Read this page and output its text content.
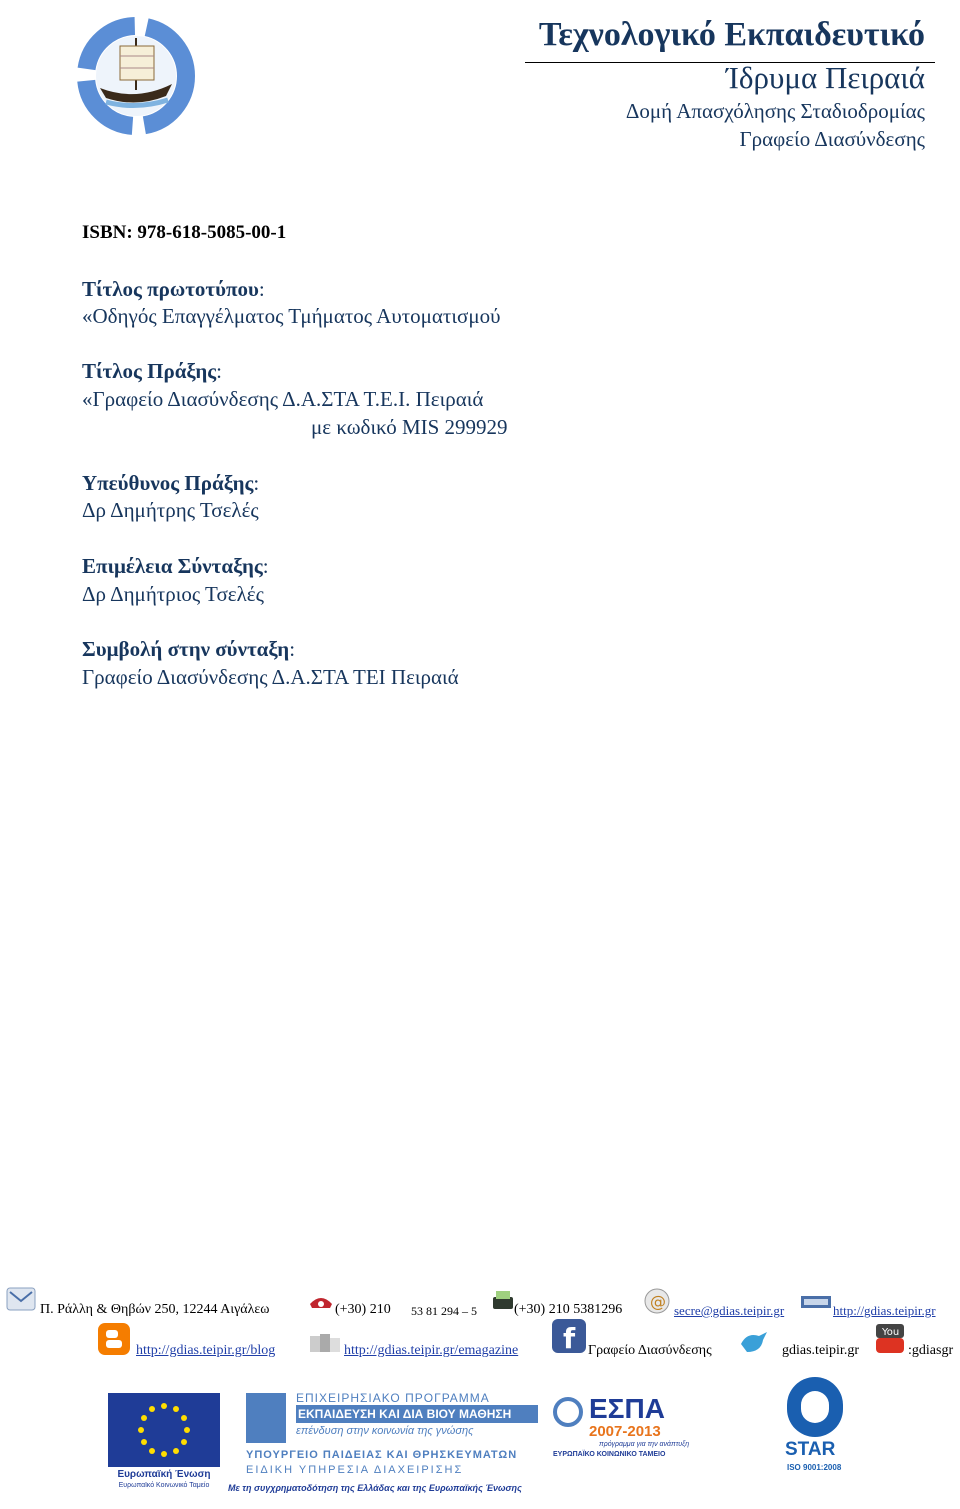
Τεχνολογικό Εκπαιδευτικό
Ίδρυμα Πειραιά
Δομή Απασχόλησης Σταδιοδρομίας
Γραφείο Διασύνδεσης
ISBN: 978-618-5085-00-1
Τίτλος πρωτοτύπου:
«Οδηγός Επαγγέλματος Τμήματος Αυτοματισμού
Τίτλος Πράξης:
«Γραφείο Διασύνδεσης Δ.Α.ΣΤΑ Τ.Ε.Ι. Πειραιά
με κωδικό MIS 299929
Υπεύθυνος Πράξης:
Δρ Δημήτρης Τσελές
Επιμέλεια Σύνταξης:
Δρ Δημήτριος Τσελές
Συμβολή στην σύνταξη:
Γραφείο Διασύνδεσης Δ.Α.ΣΤΑ ΤΕΙ Πειραιά
Π. Ράλλη & Θηβών 250, 12244 Αιγάλεω	(+30) 210 53 81 294 – 5	(+30) 210 5381296 @ secre@gdias.teipir.gr	http://gdias.teipir.gr
http://gdias.teipir.gr/blog	http://gdias.teipir.gr/emagazine f Γραφείο Διασύνδεσης	gdias.teipir.gr
You
:gdiasgr
Ευρωπαϊκή Ένωση
Ευρωπαϊκό Κοινωνικό Ταμείο
ΕΠΙΧΕΙΡΗΣΙΑΚΟ ΠΡΟΓΡΑΜΜΑ
ΕΚΠΑΙΔΕΥΣΗ ΚΑΙ ΔΙΑ ΒΙΟΥ ΜΑΘΗΣΗ
επένδυση στην κοινωνία της γνώσης
ΥΠΟΥΡΓΕΙΟ ΠΑΙΔΕΙΑΣ ΚΑΙ ΘΡΗΣΚΕΥΜΑΤΩΝ
ΕΙΔΙΚΗ ΥΠΗΡΕΣΙΑ ΔΙΑΧΕΙΡΙΣΗΣ
ΕΣΠΑ
2007-2013
πρόγραμμα για την ανάπτυξη
ΕΥΡΩΠΑΪΚΟ ΚΟΙΝΩΝΙΚΟ ΤΑΜΕΙΟ	STAR
ISO 9001:2008
Με τη συγχρηματοδότηση της Ελλάδας και της Ευρωπαϊκής Ένωσης
